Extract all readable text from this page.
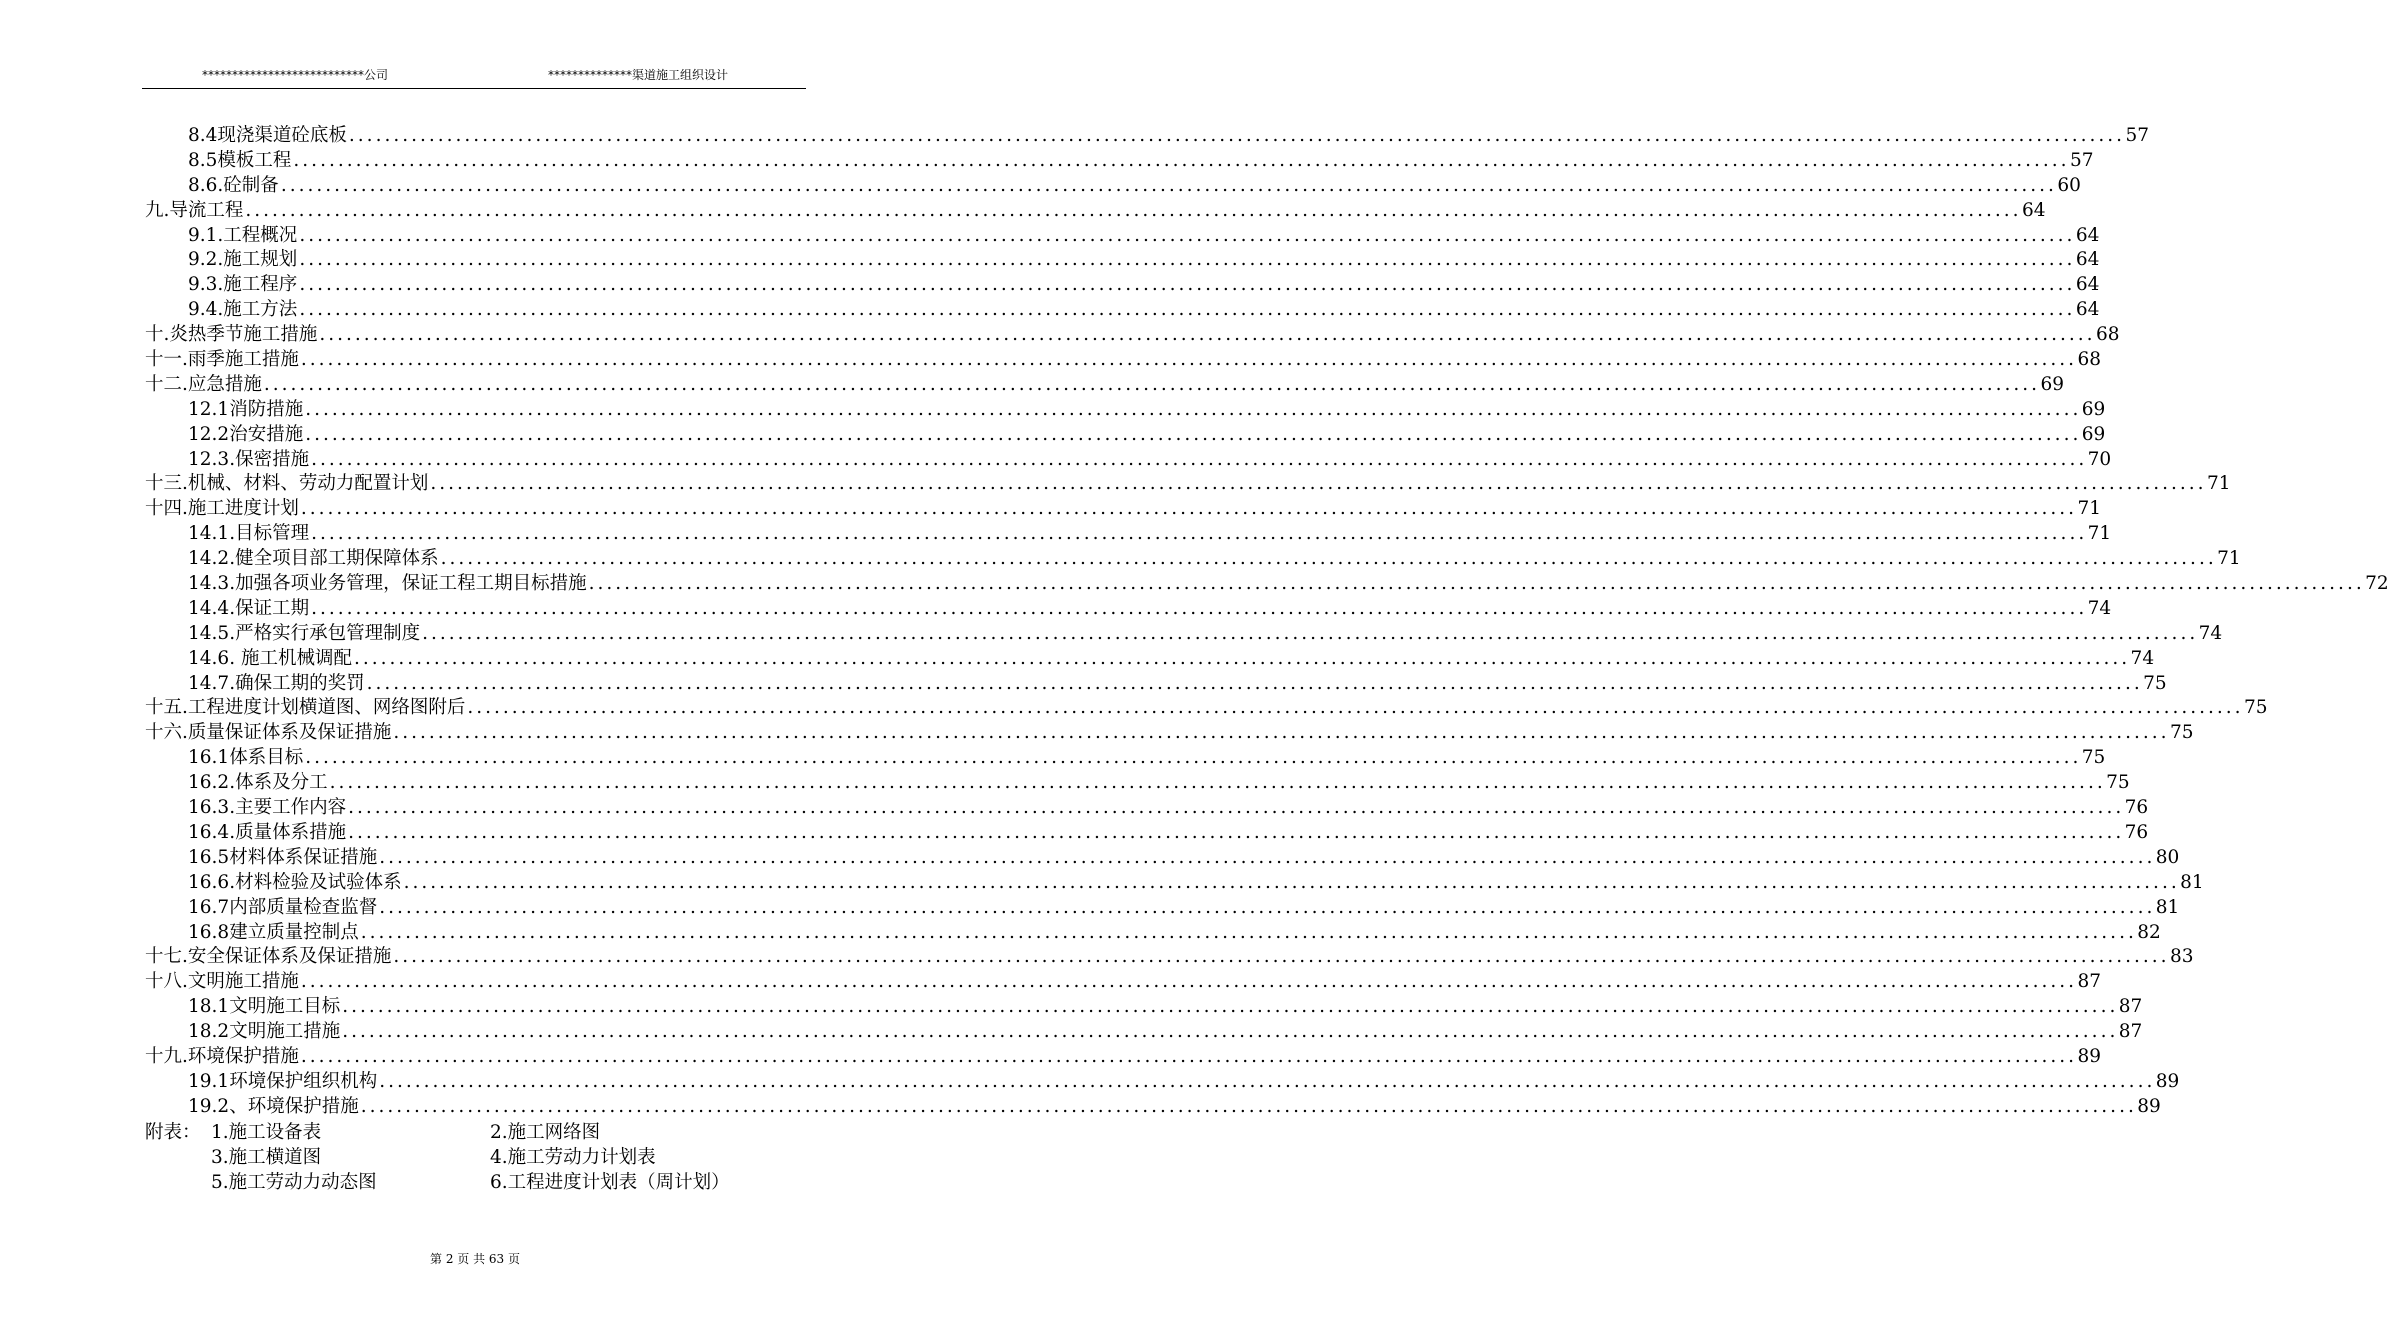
***************************公司	**************渠道施工组织设计
8.4现浇渠道砼底板 ........................................................................................................................................................................................................ 57
8.5模板工程 ........................................................................................................................................................................................................ 57
8.6.砼制备 ........................................................................................................................................................................................................ 60
九.导流工程 ........................................................................................................................................................................................................ 64
9.1.工程概况 ........................................................................................................................................................................................................ 64
9.2.施工规划 ........................................................................................................................................................................................................ 64
9.3.施工程序 ........................................................................................................................................................................................................ 64
9.4.施工方法 ........................................................................................................................................................................................................ 64
十.炎热季节施工措施 ........................................................................................................................................................................................................ 68
十一.雨季施工措施 ........................................................................................................................................................................................................ 68
十二.应急措施 ........................................................................................................................................................................................................ 69
12.1消防措施 ........................................................................................................................................................................................................ 69
12.2治安措施 ........................................................................................................................................................................................................ 69
12.3.保密措施 ........................................................................................................................................................................................................ 70
十三.机械、材料、劳动力配置计划 ........................................................................................................................................................................................................ 71
十四.施工进度计划 ........................................................................................................................................................................................................ 71
14.1.目标管理 ........................................................................................................................................................................................................ 71
14.2.健全项目部工期保障体系 ........................................................................................................................................................................................................ 71
14.3.加强各项业务管理，保证工程工期目标措施 ........................................................................................................................................................................................................ 72
14.4.保证工期 ........................................................................................................................................................................................................ 74
14.5.严格实行承包管理制度 ........................................................................................................................................................................................................ 74
14.6. 施工机械调配 ........................................................................................................................................................................................................ 74
14.7.确保工期的奖罚 ........................................................................................................................................................................................................ 75
十五.工程进度计划横道图、网络图附后 ........................................................................................................................................................................................................ 75
十六.质量保证体系及保证措施 ........................................................................................................................................................................................................ 75
16.1体系目标 ........................................................................................................................................................................................................ 75
16.2.体系及分工 ........................................................................................................................................................................................................ 75
16.3.主要工作内容 ........................................................................................................................................................................................................ 76
16.4.质量体系措施 ........................................................................................................................................................................................................ 76
16.5材料体系保证措施 ........................................................................................................................................................................................................ 80
16.6.材料检验及试验体系 ........................................................................................................................................................................................................ 81
16.7内部质量检查监督 ........................................................................................................................................................................................................ 81
16.8建立质量控制点 ........................................................................................................................................................................................................ 82
十七.安全保证体系及保证措施 ........................................................................................................................................................................................................ 83
十八.文明施工措施 ........................................................................................................................................................................................................ 87
18.1文明施工目标 ........................................................................................................................................................................................................ 87
18.2文明施工措施 ........................................................................................................................................................................................................ 87
十九.环境保护措施 ........................................................................................................................................................................................................ 89
19.1环境保护组织机构 ........................................................................................................................................................................................................ 89
19.2、环境保护措施 ........................................................................................................................................................................................................ 89
附表： 1.施工设备表	2.施工网络图
3.施工横道图	4.施工劳动力计划表
5.施工劳动力动态图	6.工程进度计划表（周计划）
第 2 页 共 63 页
